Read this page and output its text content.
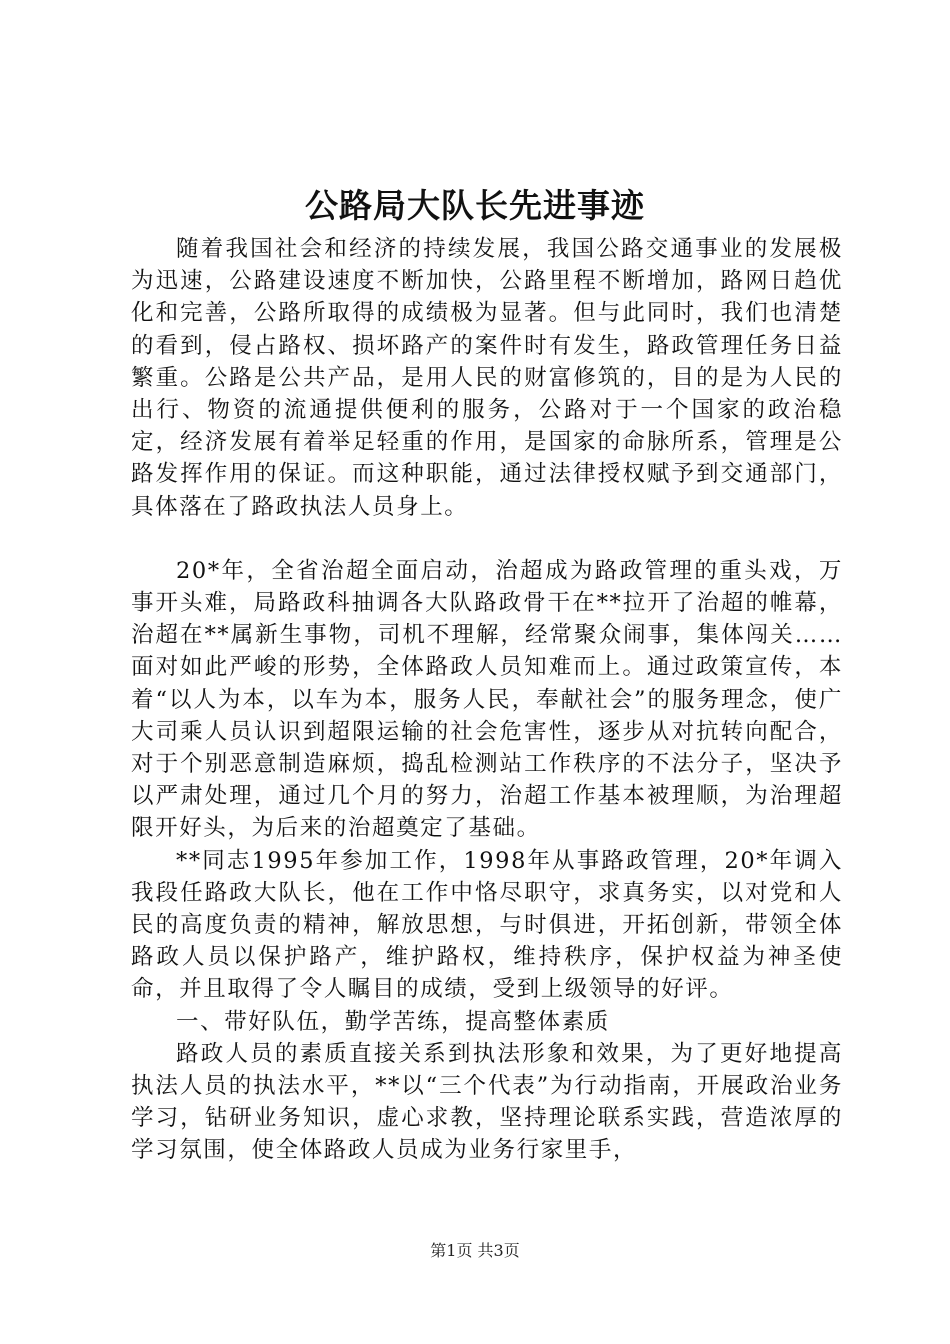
公路局大队长先进事迹

随着我国社会和经济的持续发展，我国公路交通事业的发展极为迅速，公路建设速度不断加快，公路里程不断增加，路网日趋优化和完善，公路所取得的成绩极为显著。但与此同时，我们也清楚的看到，侵占路权、损坏路产的案件时有发生，路政管理任务日益繁重。公路是公共产品，是用人民的财富修筑的，目的是为人民的出行、物资的流通提供便利的服务，公路对于一个国家的政治稳定，经济发展有着举足轻重的作用，是国家的命脉所系，管理是公路发挥作用的保证。而这种职能，通过法律授权赋予到交通部门，具体落在了路政执法人员身上。

20*年，全省治超全面启动，治超成为路政管理的重头戏，万事开头难，局路政科抽调各大队路政骨干在**拉开了治超的帷幕，治超在**属新生事物，司机不理解，经常聚众闹事，集体闯关……面对如此严峻的形势，全体路政人员知难而上。通过政策宣传，本着“以人为本，以车为本，服务人民，奉献社会”的服务理念，使广大司乘人员认识到超限运输的社会危害性，逐步从对抗转向配合，对于个别恶意制造麻烦，捣乱检测站工作秩序的不法分子，坚决予以严肃处理，通过几个月的努力，治超工作基本被理顺，为治理超限开好头，为后来的治超奠定了基础。

**同志1995年参加工作，1998年从事路政管理，20*年调入我段任路政大队长，他在工作中恪尽职守，求真务实，以对党和人民的高度负责的精神，解放思想，与时俱进，开拓创新，带领全体路政人员以保护路产，维护路权，维持秩序，保护权益为神圣使命，并且取得了令人瞩目的成绩，受到上级领导的好评。

一、带好队伍，勤学苦练，提高整体素质

路政人员的素质直接关系到执法形象和效果，为了更好地提高执法人员的执法水平，**以“三个代表”为行动指南，开展政治业务学习，钻研业务知识，虚心求教，坚持理论联系实践，营造浓厚的学习氛围，使全体路政人员成为业务行家里手，

第1页 共3页
